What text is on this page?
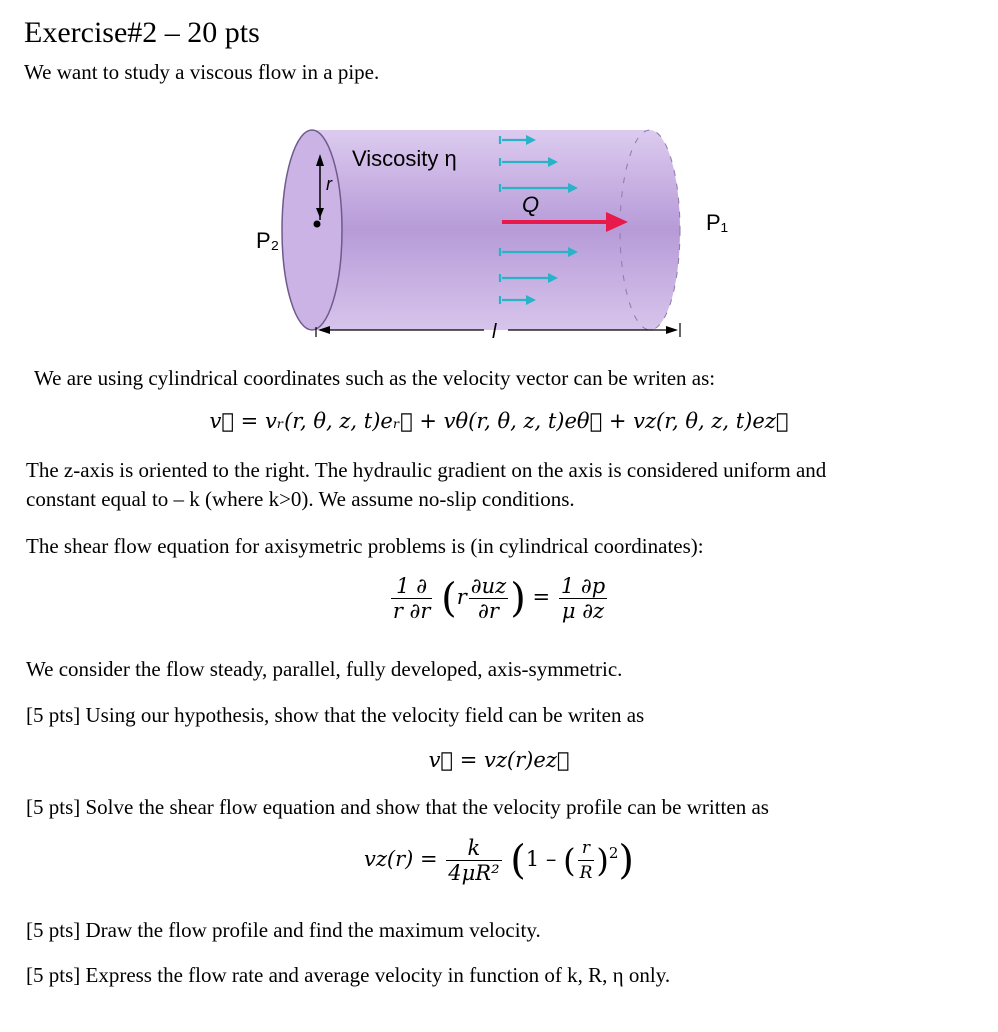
Exercise#2 – 20 pts
We want to study a viscous flow in a pipe.
Viscosity η
r
Q
P₁
P₂
l
We are using cylindrical coordinates such as the velocity vector can be writen as:
v⃗ = vᵣ(r, θ, z, t)eᵣ⃗ + vθ(r, θ, z, t)eθ⃗ + vz(r, θ, z, t)ez⃗
The z-axis is oriented to the right. The hydraulic gradient on the axis is considered uniform and
constant equal to – k (where k>0). We assume no-slip conditions.
The shear flow equation for axisymetric problems is (in cylindrical coordinates):
$\frac{1 \partial}{r \partial r} (r \frac{\partial uz}{\partial r}$ ) = $\frac{1 \partial p}{\mu \partial z}$
We consider the flow steady, parallel, fully developed, axis-symmetric.
[5 pts] Using our hypothesis, show that the velocity field can be writen as
v⃗ = vz(r)ez⃗
[5 pts] Solve the shear flow equation and show that the velocity profile can be written as
$vz(r) = \frac{k}{\text{4μR²}} (1$ – ( $\frac{r}{R} )^2$)
[5 pts] Draw the flow profile and find the maximum velocity.
[5 pts] Express the flow rate and average velocity in function of k, R, η only.
